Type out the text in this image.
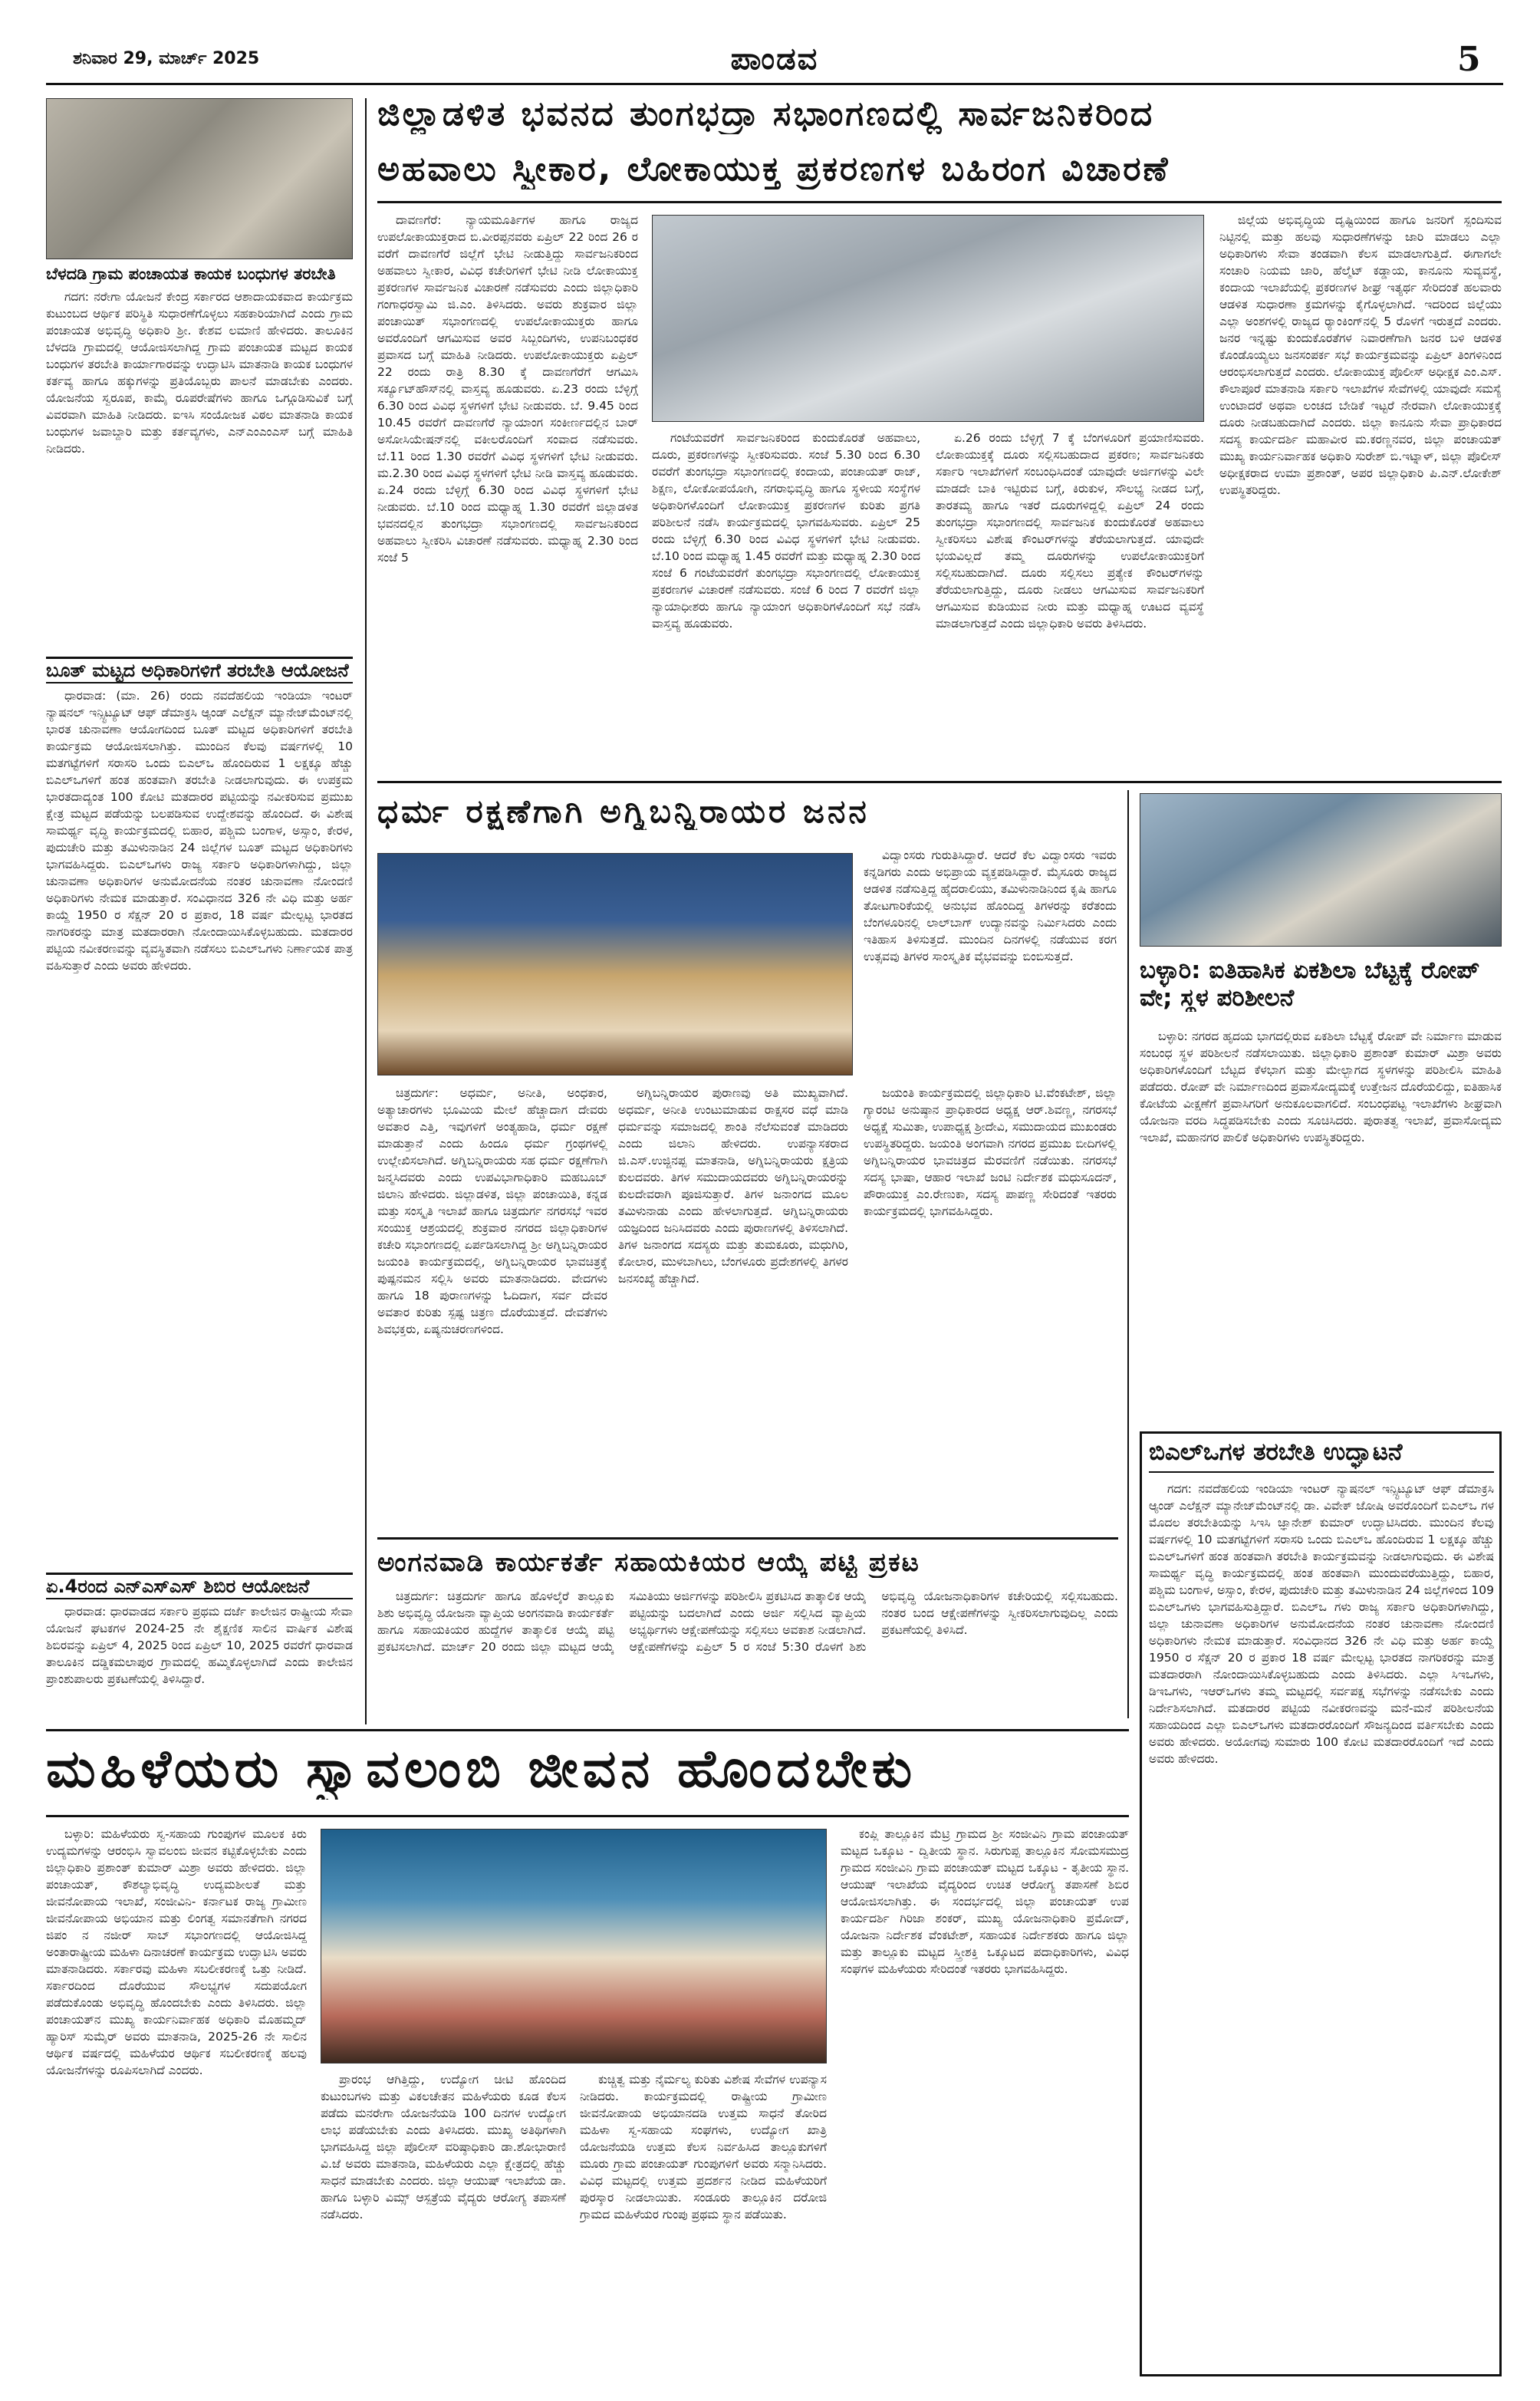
ಶನಿವಾರ 29, ಮಾರ್ಚ್ 2025	ಪಾಂಡವ	5
ಬೆಳದಡಿ ಗ್ರಾಮ ಪಂಚಾಯತ ಕಾಯಕ ಬಂಧುಗಳ ತರಬೇತಿ

ಗದಗ: ನರೇಗಾ ಯೋಜನೆ ಕೇಂದ್ರ ಸರ್ಕಾರದ ಆಶಾದಾಯಕವಾದ ಕಾರ್ಯಕ್ರಮ ಕುಟುಂಬದ ಆರ್ಥಿಕ ಪರಿಸ್ಥಿತಿ ಸುಧಾರಣೆಗೊಳ್ಳಲು ಸಹಕಾರಿಯಾಗಿದೆ ಎಂದು ಗ್ರಾಮ ಪಂಚಾಯತ ಅಭಿವೃದ್ಧಿ ಅಧಿಕಾರಿ ಶ್ರೀ. ಕೇಶವ ಲಮಾಣಿ ಹೇಳಿದರು. ತಾಲೂಕಿನ ಬೆಳದಡಿ ಗ್ರಾಮದಲ್ಲಿ ಆಯೋಜಿಸಲಾಗಿದ್ದ ಗ್ರಾಮ ಪಂಚಾಯತ ಮಟ್ಟದ ಕಾಯಕ ಬಂಧುಗಳ ತರಬೇತಿ ಕಾರ್ಯಾಗಾರವನ್ನು ಉದ್ಘಾಟಿಸಿ ಮಾತನಾಡಿ ಕಾಯಕ ಬಂಧುಗಳ ಕರ್ತವ್ಯ ಹಾಗೂ ಹಕ್ಕುಗಳನ್ನು ಪ್ರತಿಯೊಬ್ಬರು ಪಾಲನೆ ಮಾಡಬೇಕು ಎಂದರು. ಯೋಜನೆಯ ಸ್ವರೂಪ, ಕಾಮೈ ರೂಪರೇಷೆಗಳು ಹಾಗೂ ಒಗ್ಗೂಡಿಸುವಿಕೆ ಬಗ್ಗೆ ವಿವರವಾಗಿ ಮಾಹಿತಿ ನೀಡಿದರು. ಐಇಸಿ ಸಂಯೋಜಕ ವಿಠಲ ಮಾತನಾಡಿ ಕಾಯಕ ಬಂಧುಗಳ ಜವಾಬ್ದಾರಿ ಮತ್ತು ಕರ್ತವ್ಯಗಳು, ಎನ್‌ಎಂಎಂಎಸ್ ಬಗ್ಗೆ ಮಾಹಿತಿ ನೀಡಿದರು.

ಬೂತ್ ಮಟ್ಟದ ಅಧಿಕಾರಿಗಳಿಗೆ ತರಬೇತಿ ಆಯೋಜನೆ

ಧಾರವಾಡ: (ಮಾ. 26) ರಂದು ನವದೆಹಲಿಯ ಇಂಡಿಯಾ ಇಂಟರ್ ನ್ಯಾಷನಲ್ ಇನ್ಸ್ಟಿಟ್ಯೂಟ್ ಆಫ್ ಡೆಮಾಕ್ರಸಿ ಆ್ಯಂಡ್ ಎಲೆಕ್ಷನ್ ಮ್ಯಾನೇಜ್‌ಮೆಂಟ್‌ನಲ್ಲಿ ಭಾರತ ಚುನಾವಣಾ ಆಯೋಗದಿಂದ ಬೂತ್ ಮಟ್ಟದ ಅಧಿಕಾರಿಗಳಿಗೆ ತರಬೇತಿ ಕಾರ್ಯಕ್ರಮ ಆಯೋಜಿಸಲಾಗಿತ್ತು. ಮುಂದಿನ ಕೆಲವು ವರ್ಷಗಳಲ್ಲಿ 10 ಮತಗಟ್ಟೆಗಳಿಗೆ ಸರಾಸರಿ ಒಂದು ಬಿಎಲ್‌ಒ ಹೊಂದಿರುವ 1 ಲಕ್ಷಕ್ಕೂ ಹೆಚ್ಚು ಬಿಎಲ್‌ಒಗಳಿಗೆ ಹಂತ ಹಂತವಾಗಿ ತರಬೇತಿ ನೀಡಲಾಗುವುದು. ಈ ಉಪಕ್ರಮ ಭಾರತದಾದ್ಯಂತ 100 ಕೋಟಿ ಮತದಾರರ ಪಟ್ಟಿಯನ್ನು ನವೀಕರಿಸುವ ಪ್ರಮುಖ ಕ್ಷೇತ್ರ ಮಟ್ಟದ ಪಡೆಯನ್ನು ಬಲಪಡಿಸುವ ಉದ್ದೇಶವನ್ನು ಹೊಂದಿದೆ. ಈ ವಿಶೇಷ ಸಾಮರ್ಥ್ಯ ವೃದ್ಧಿ ಕಾರ್ಯಕ್ರಮದಲ್ಲಿ ಬಿಹಾರ, ಪಶ್ಚಿಮ ಬಂಗಾಳ, ಅಸ್ಸಾಂ, ಕೇರಳ, ಪುದುಚೇರಿ ಮತ್ತು ತಮಿಳುನಾಡಿನ 24 ಜಿಲ್ಲೆಗಳ ಬೂತ್ ಮಟ್ಟದ ಅಧಿಕಾರಿಗಳು ಭಾಗವಹಿಸಿದ್ದರು. ಬಿಎಲ್‌ಒಗಳು ರಾಜ್ಯ ಸರ್ಕಾರಿ ಅಧಿಕಾರಿಗಳಾಗಿದ್ದು, ಜಿಲ್ಲಾ ಚುನಾವಣಾ ಅಧಿಕಾರಿಗಳ ಅನುಮೋದನೆಯ ನಂತರ ಚುನಾವಣಾ ನೋಂದಣಿ ಅಧಿಕಾರಿಗಳು ನೇಮಕ ಮಾಡುತ್ತಾರೆ. ಸಂವಿಧಾನದ 326 ನೇ ವಿಧಿ ಮತ್ತು ಅರ್ಹ ಕಾಯ್ದೆ 1950 ರ ಸೆಕ್ಷನ್ 20 ರ ಪ್ರಕಾರ, 18 ವರ್ಷ ಮೇಲ್ಪಟ್ಟ ಭಾರತದ ನಾಗರಿಕರನ್ನು ಮಾತ್ರ ಮತದಾರರಾಗಿ ನೋಂದಾಯಿಸಿಕೊಳ್ಳಬಹುದು. ಮತದಾರರ ಪಟ್ಟಿಯ ನವೀಕರಣವನ್ನು ವ್ಯವಸ್ಥಿತವಾಗಿ ನಡೆಸಲು ಬಿಎಲ್‌ಒಗಳು ನಿರ್ಣಾಯಕ ಪಾತ್ರ ವಹಿಸುತ್ತಾರೆ ಎಂದು ಅವರು ಹೇಳಿದರು.

ಏ.4ರಂದ ಎನ್‌ಎಸ್‌ಎಸ್ ಶಿಬಿರ ಆಯೋಜನೆ

ಧಾರವಾಡ: ಧಾರವಾಡದ ಸರ್ಕಾರಿ ಪ್ರಥಮ ದರ್ಜೆ ಕಾಲೇಜಿನ ರಾಷ್ಟ್ರೀಯ ಸೇವಾ ಯೋಜನೆ ಘಟಕಗಳ 2024-25 ನೇ ಶೈಕ್ಷಣಿಕ ಸಾಲಿನ ವಾರ್ಷಿಕ ವಿಶೇಷ ಶಿಬಿರವನ್ನು ಏಪ್ರಿಲ್ 4, 2025 ರಿಂದ ಏಪ್ರಿಲ್ 10, 2025 ರವರೆಗೆ ಧಾರವಾಡ ತಾಲೂಕಿನ ದಡ್ಡಿಕಮಲಾಪುರ ಗ್ರಾಮದಲ್ಲಿ ಹಮ್ಮಿಕೊಳ್ಳಲಾಗಿದೆ ಎಂದು ಕಾಲೇಜಿನ ಪ್ರಾಂಶುಪಾಲರು ಪ್ರಕಟಣೆಯಲ್ಲಿ ತಿಳಿಸಿದ್ದಾರೆ.

ಜಿಲ್ಲಾಡಳಿತ ಭವನದ ತುಂಗಭದ್ರಾ ಸಭಾಂಗಣದಲ್ಲಿ ಸಾರ್ವಜನಿಕರಿಂದ
ಅಹವಾಲು ಸ್ವೀಕಾರ, ಲೋಕಾಯುಕ್ತ ಪ್ರಕರಣಗಳ ಬಹಿರಂಗ ವಿಚಾರಣೆ

ದಾವಣಗೆರೆ: ನ್ಯಾಯಮೂರ್ತಿಗಳ ಹಾಗೂ ರಾಜ್ಯದ ಉಪಲೋಕಾಯುಕ್ತರಾದ ಬಿ.ವೀರಪ್ಪನವರು ಏಪ್ರಿಲ್ 22 ರಿಂದ 26 ರ ವರೆಗೆ ದಾವಣಗೆರೆ ಜಿಲ್ಲೆಗೆ ಭೇಟಿ ನೀಡುತ್ತಿದ್ದು ಸಾರ್ವಜನಿಕರಿಂದ ಅಹವಾಲು ಸ್ವೀಕಾರ, ವಿವಿಧ ಕಚೇರಿಗಳಿಗೆ ಭೇಟಿ ನೀಡಿ ಲೋಕಾಯುಕ್ತ ಪ್ರಕರಣಗಳ ಸಾರ್ವಜನಿಕ ವಿಚಾರಣೆ ನಡೆಸುವರು ಎಂದು ಜಿಲ್ಲಾಧಿಕಾರಿ ಗಂಗಾಧರಸ್ವಾಮಿ ಜಿ.ಎಂ. ತಿಳಿಸಿದರು. ಅವರು ಶುಕ್ರವಾರ ಜಿಲ್ಲಾ ಪಂಚಾಯಿತ್ ಸಭಾಂಗಣದಲ್ಲಿ ಉಪಲೋಕಾಯುಕ್ತರು ಹಾಗೂ ಅವರೊಂದಿಗೆ ಆಗಮಿಸುವ ಅವರ ಸಿಬ್ಬಂದಿಗಳು, ಉಪನಿಬಂಧಕರ ಪ್ರವಾಸದ ಬಗ್ಗೆ ಮಾಹಿತಿ ನೀಡಿದರು. ಉಪಲೋಕಾಯುಕ್ತರು ಏಪ್ರಿಲ್ 22 ರಂದು ರಾತ್ರಿ 8.30 ಕ್ಕೆ ದಾವಣಗೆರೆಗೆ ಆಗಮಿಸಿ ಸರ್ಕ್ಯೂಟ್‌ಹೌಸ್‌ನಲ್ಲಿ ವಾಸ್ತವ್ಯ ಹೂಡುವರು. ಏ.23 ರಂದು ಬೆಳ್ಳಿಗ್ಗೆ 6.30 ರಿಂದ ವಿವಿಧ ಸ್ಥಳಗಳಿಗೆ ಭೇಟಿ ನೀಡುವರು. ಬೆ. 9.45 ರಿಂದ 10.45 ರವರೆಗೆ ದಾವಣಗೆರೆ ನ್ಯಾಯಾಂಗ ಸಂಕೀರ್ಣದಲ್ಲಿನ ಬಾರ್ ಅಸೋಸಿಯೇಷನ್‌ನಲ್ಲಿ ವಕೀಲರೊಂದಿಗೆ ಸಂವಾದ ನಡೆಸುವರು. ಬೆ.11 ರಿಂದ 1.30 ರವರೆಗೆ ವಿವಿಧ ಸ್ಥಳಗಳಿಗೆ ಭೇಟಿ ನೀಡುವರು. ಮ.2.30 ರಿಂದ ವಿವಿಧ ಸ್ಥಳಗಳಿಗೆ ಭೇಟಿ ನೀಡಿ ವಾಸ್ತವ್ಯ ಹೂಡುವರು. ಏ.24 ರಂದು ಬೆಳ್ಳಿಗ್ಗೆ 6.30 ರಿಂದ ವಿವಿಧ ಸ್ಥಳಗಳಿಗೆ ಭೇಟಿ ನೀಡುವರು. ಬೆ.10 ರಿಂದ ಮಧ್ಯಾಹ್ನ 1.30 ರವರೆಗೆ ಜಿಲ್ಲಾಡಳಿತ ಭವನದಲ್ಲಿನ ತುಂಗಭದ್ರಾ ಸಭಾಂಗಣದಲ್ಲಿ ಸಾರ್ವಜನಿಕರಿಂದ ಅಹವಾಲು ಸ್ವೀಕರಿಸಿ ವಿಚಾರಣೆ ನಡೆಸುವರು. ಮಧ್ಯಾಹ್ನ 2.30 ರಿಂದ ಸಂಜೆ 5

ಗಂಟೆಯವರೆಗೆ ಸಾರ್ವಜನಿಕರಿಂದ ಕುಂದುಕೊರತೆ ಅಹವಾಲು, ದೂರು, ಪ್ರಕರಣಗಳನ್ನು ಸ್ವೀಕರಿಸುವರು. ಸಂಜೆ 5.30 ರಿಂದ 6.30 ರವರೆಗೆ ತುಂಗಭದ್ರಾ ಸಭಾಂಗಣದಲ್ಲಿ ಕಂದಾಯ, ಪಂಚಾಯತ್ ರಾಜ್, ಶಿಕ್ಷಣ, ಲೋಕೋಪಯೋಗಿ, ನಗರಾಭಿವೃದ್ಧಿ ಹಾಗೂ ಸ್ಥಳೀಯ ಸಂಸ್ಥೆಗಳ ಅಧಿಕಾರಿಗಳೊಂದಿಗೆ ಲೋಕಾಯುಕ್ತ ಪ್ರಕರಣಗಳ ಕುರಿತು ಪ್ರಗತಿ ಪರಿಶೀಲನೆ ನಡೆಸಿ ಕಾರ್ಯಕ್ರಮದಲ್ಲಿ ಭಾಗವಹಿಸುವರು. ಏಪ್ರಿಲ್ 25 ರಂದು ಬೆಳ್ಳಿಗ್ಗೆ 6.30 ರಿಂದ ವಿವಿಧ ಸ್ಥಳಗಳಿಗೆ ಭೇಟಿ ನೀಡುವರು. ಬೆ.10 ರಿಂದ ಮಧ್ಯಾಹ್ನ 1.45 ರವರೆಗೆ ಮತ್ತು ಮಧ್ಯಾಹ್ನ 2.30 ರಿಂದ ಸಂಜೆ 6 ಗಂಟೆಯವರೆಗೆ ತುಂಗಭದ್ರಾ ಸಭಾಂಗಣದಲ್ಲಿ ಲೋಕಾಯುಕ್ತ ಪ್ರಕರಣಗಳ ವಿಚಾರಣೆ ನಡೆಸುವರು. ಸಂಜೆ 6 ರಿಂದ 7 ರವರೆಗೆ ಜಿಲ್ಲಾ ನ್ಯಾಯಾಧೀಶರು ಹಾಗೂ ನ್ಯಾಯಾಂಗ ಅಧಿಕಾರಿಗಳೊಂದಿಗೆ ಸಭೆ ನಡೆಸಿ ವಾಸ್ತವ್ಯ ಹೂಡುವರು.

ಏ.26 ರಂದು ಬೆಳ್ಳಿಗ್ಗೆ 7 ಕ್ಕೆ ಬೆಂಗಳೂರಿಗೆ ಪ್ರಯಾಣಿಸುವರು. ಲೋಕಾಯುಕ್ತಕ್ಕೆ ದೂರು ಸಲ್ಲಿಸಬಹುದಾದ ಪ್ರಕರಣ; ಸಾರ್ವಜನಿಕರು ಸರ್ಕಾರಿ ಇಲಾಖೆಗಳಿಗೆ ಸಂಬಂಧಿಸಿದಂತೆ ಯಾವುದೇ ಅರ್ಜಿಗಳನ್ನು ವಿಲೇ ಮಾಡದೇ ಬಾಕಿ ಇಟ್ಟಿರುವ ಬಗ್ಗೆ, ಕಿರುಕುಳ, ಸೌಲಭ್ಯ ನೀಡದ ಬಗ್ಗೆ, ತಾರತಮ್ಯ ಹಾಗೂ ಇತರೆ ದೂರುಗಳಿದ್ದಲ್ಲಿ ಏಪ್ರಿಲ್ 24 ರಂದು ತುಂಗಭದ್ರಾ ಸಭಾಂಗಣದಲ್ಲಿ ಸಾರ್ವಜನಿಕ ಕುಂದುಕೊರತೆ ಅಹವಾಲು ಸ್ವೀಕರಿಸಲು ವಿಶೇಷ ಕೌಂಟರ್‌ಗಳನ್ನು ತೆರೆಯಲಾಗುತ್ತದೆ. ಯಾವುದೇ ಭಯವಿಲ್ಲದೆ ತಮ್ಮ ದೂರುಗಳನ್ನು ಉಪಲೋಕಾಯುಕ್ತರಿಗೆ ಸಲ್ಲಿಸಬಹುದಾಗಿದೆ. ದೂರು ಸಲ್ಲಿಸಲು ಪ್ರತ್ಯೇಕ ಕೌಂಟರ್‌ಗಳನ್ನು ತೆರೆಯಲಾಗುತ್ತಿದ್ದು, ದೂರು ನೀಡಲು ಆಗಮಿಸುವ ಸಾರ್ವಜನಿಕರಿಗೆ ಆಗಮಿಸುವ ಕುಡಿಯುವ ನೀರು ಮತ್ತು ಮಧ್ಯಾಹ್ನ ಊಟದ ವ್ಯವಸ್ಥೆ ಮಾಡಲಾಗುತ್ತದೆ ಎಂದು ಜಿಲ್ಲಾಧಿಕಾರಿ ಅವರು ತಿಳಿಸಿದರು.

ಜಿಲ್ಲೆಯ ಅಭಿವೃದ್ಧಿಯ ದೃಷ್ಟಿಯಿಂದ ಹಾಗೂ ಜನರಿಗೆ ಸ್ಪಂದಿಸುವ ನಿಟ್ಟಿನಲ್ಲಿ ಮತ್ತು ಹಲವು ಸುಧಾರಣೆಗಳನ್ನು ಜಾರಿ ಮಾಡಲು ಎಲ್ಲಾ ಅಧಿಕಾರಿಗಳು ಸೇವಾ ತಂಡವಾಗಿ ಕೆಲಸ ಮಾಡಲಾಗುತ್ತಿದೆ. ಈಗಾಗಲೇ ಸಂಚಾರಿ ನಿಯಮ ಜಾರಿ, ಹೆಲ್ಮೆಟ್ ಕಡ್ಡಾಯ, ಕಾನೂನು ಸುವ್ಯವಸ್ಥೆ, ಕಂದಾಯ ಇಲಾಖೆಯಲ್ಲಿ ಪ್ರಕರಣಗಳ ಶೀಘ್ರ ಇತ್ಯರ್ಥ ಸೇರಿದಂತೆ ಹಲವಾರು ಆಡಳಿತ ಸುಧಾರಣಾ ಕ್ರಮಗಳನ್ನು ಕೈಗೊಳ್ಳಲಾಗಿದೆ. ಇದರಿಂದ ಜಿಲ್ಲೆಯು ಎಲ್ಲಾ ಅಂಶಗಳಲ್ಲಿ ರಾಜ್ಯದ ರ್‍ಯಾಂಕಿಂಗ್‌ನಲ್ಲಿ 5 ರೊಳಗೆ ಇರುತ್ತದೆ ಎಂದರು. ಜನರ ಇನ್ನಷ್ಟು ಕುಂದುಕೊರತೆಗಳ ನಿವಾರಣೆಗಾಗಿ ಜನರ ಬಳಿ ಆಡಳಿತ ಕೊಂಡೊಯ್ಯಲು ಜನಸಂಪರ್ಕ ಸಭೆ ಕಾರ್ಯಕ್ರಮವನ್ನು ಏಪ್ರಿಲ್ ತಿಂಗಳಿನಿಂದ ಆರಂಭಿಸಲಾಗುತ್ತದೆ ಎಂದರು. ಲೋಕಾಯುಕ್ತ ಪೊಲೀಸ್ ಅಧೀಕ್ಷಕ ಎಂ.ಎಸ್. ಕೌಲಾಪೂರೆ ಮಾತನಾಡಿ ಸರ್ಕಾರಿ ಇಲಾಖೆಗಳ ಸೇವೆಗಳಲ್ಲಿ ಯಾವುದೇ ಸಮಸ್ಯೆ ಉಂಟಾದರೆ ಅಥವಾ ಲಂಚದ ಬೇಡಿಕೆ ಇಟ್ಟರೆ ನೇರವಾಗಿ ಲೋಕಾಯುಕ್ತಕ್ಕೆ ದೂರು ನೀಡಬಹುದಾಗಿದೆ ಎಂದರು. ಜಿಲ್ಲಾ ಕಾನೂನು ಸೇವಾ ಪ್ರಾಧಿಕಾರದ ಸದಸ್ಯ ಕಾರ್ಯದರ್ಶಿ ಮಹಾವೀರ ಮ.ಕರಣ್ಣನವರ, ಜಿಲ್ಲಾ ಪಂಚಾಯತ್ ಮುಖ್ಯ ಕಾರ್ಯನಿರ್ವಾಹಕ ಅಧಿಕಾರಿ ಸುರೇಶ್ ಬಿ.ಇಟ್ನಾಳ್, ಜಿಲ್ಲಾ ಪೊಲೀಸ್ ಅಧೀಕ್ಷಕರಾದ ಉಮಾ ಪ್ರಶಾಂತ್, ಅಪರ ಜಿಲ್ಲಾಧಿಕಾರಿ ಪಿ.ಎನ್.ಲೋಕೇಶ್ ಉಪಸ್ಥಿತರಿದ್ದರು.

ಧರ್ಮ ರಕ್ಷಣೆಗಾಗಿ ಅಗ್ನಿಬನ್ನಿರಾಯರ ಜನನ

ವಿದ್ವಾಂಸರು ಗುರುತಿಸಿದ್ದಾರೆ. ಆದರೆ ಕೆಲ ವಿದ್ವಾಂಸರು ಇವರು ಕನ್ನಡಿಗರು ಎಂದು ಅಭಿಪ್ರಾಯ ವ್ಯಕ್ತಪಡಿಸಿದ್ದಾರೆ. ಮೈಸೂರು ರಾಜ್ಯದ ಆಡಳಿತ ನಡೆಸುತ್ತಿದ್ದ ಹೈದರಾಲಿಯು, ತಮಿಳುನಾಡಿನಿಂದ ಕೃಷಿ ಹಾಗೂ ತೋಟಗಾರಿಕೆಯಲ್ಲಿ ಅನುಭವ ಹೊಂದಿದ್ದ ತಿಗಳರನ್ನು ಕರೆತಂದು ಬೆಂಗಳೂರಿನಲ್ಲಿ ಲಾಲ್‌ಬಾಗ್ ಉದ್ಯಾನವನ್ನು ನಿರ್ಮಿಸಿದರು ಎಂದು ಇತಿಹಾಸ ತಿಳಿಸುತ್ತದೆ. ಮುಂದಿನ ದಿನಗಳಲ್ಲಿ ನಡೆಯುವ ಕರಗ ಉತ್ಸವವು ತಿಗಳರ ಸಾಂಸ್ಕೃತಿಕ ವೈಭವವನ್ನು ಬಿಂಬಿಸುತ್ತದೆ.

ಚಿತ್ರದುರ್ಗ: ಅಧರ್ಮ, ಅನೀತಿ, ಅಂಧಕಾರ, ಅತ್ಯಾಚಾರಗಳು ಭೂಮಿಯ ಮೇಲೆ ಹೆಚ್ಚಾದಾಗ ದೇವರು ಅವತಾರ ಎತ್ತಿ, ಇವುಗಳಿಗೆ ಅಂತ್ಯಹಾಡಿ, ಧರ್ಮ ರಕ್ಷಣೆ ಮಾಡುತ್ತಾನೆ ಎಂದು ಹಿಂದೂ ಧರ್ಮ ಗ್ರಂಥಗಳಲ್ಲಿ ಉಲ್ಲೇಖಿಸಲಾಗಿದೆ. ಅಗ್ನಿಬನ್ನಿರಾಯರು ಸಹ ಧರ್ಮ ರಕ್ಷಣೆಗಾಗಿ ಜನ್ಮಸಿದವರು ಎಂದು ಉಪವಿಭಾಗಾಧಿಕಾರಿ ಮಹಬೂಬ್ ಜಿಲಾನಿ ಹೇಳಿದರು. ಜಿಲ್ಲಾಡಳಿತ, ಜಿಲ್ಲಾ ಪಂಚಾಯಿತಿ, ಕನ್ನಡ ಮತ್ತು ಸಂಸ್ಕೃತಿ ಇಲಾಖೆ ಹಾಗೂ ಚಿತ್ರದುರ್ಗ ನಗರಸಭೆ ಇವರ ಸಂಯುಕ್ತ ಆಶ್ರಯದಲ್ಲಿ ಶುಕ್ರವಾರ ನಗರದ ಜಿಲ್ಲಾಧಿಕಾರಿಗಳ ಕಚೇರಿ ಸಭಾಂಗಣದಲ್ಲಿ ಏರ್ಪಡಿಸಲಾಗಿದ್ದ ಶ್ರೀ ಅಗ್ನಿಬನ್ನಿರಾಯರ ಜಯಂತಿ ಕಾರ್ಯಕ್ರಮದಲ್ಲಿ, ಅಗ್ನಿಬನ್ನಿರಾಯರ ಭಾವಚಿತ್ರಕ್ಕೆ ಪುಷ್ಪನಮನ ಸಲ್ಲಿಸಿ ಅವರು ಮಾತನಾಡಿದರು. ವೇದಗಳು ಹಾಗೂ 18 ಪುರಾಣಗಳನ್ನು ಓದಿದಾಗ, ಸರ್ವ ದೇವರ ಅವತಾರ ಕುರಿತು ಸ್ಪಷ್ಟ ಚಿತ್ರಣ ದೊರೆಯುತ್ತದೆ. ದೇವತೆಗಳು ಶಿವಭಕ್ತರು, ಏಷ್ಯನುಚರಣಗಳಿಂದ.

ಅಗ್ನಿಬನ್ನಿರಾಯರ ಪುರಾಣವು ಅತಿ ಮುಖ್ಯವಾಗಿದೆ. ಅಧರ್ಮ, ಅನೀತಿ ಉಂಟುಮಾಡುವ ರಾಕ್ಷಸರ ವಧೆ ಮಾಡಿ ಧರ್ಮವನ್ನು ಸಮಾಜದಲ್ಲಿ ಶಾಂತಿ ನೆಲೆಸುವಂತೆ ಮಾಡಿದರು ಎಂದು ಜಿಲಾನಿ ಹೇಳಿದರು. ಉಪನ್ಯಾಸಕರಾದ ಜಿ.ಎಸ್.ಉಜ್ಜಿನಪ್ಪ ಮಾತನಾಡಿ, ಅಗ್ನಿಬನ್ನಿರಾಯರು ಕ್ಷತ್ರಿಯ ಕುಲದವರು. ತಿಗಳ ಸಮುದಾಯದವರು ಅಗ್ನಿಬನ್ನಿರಾಯರನ್ನು ಕುಲದೇವರಾಗಿ ಪೂಜಿಸುತ್ತಾರೆ. ತಿಗಳ ಜನಾಂಗದ ಮೂಲ ತಮಿಳುನಾಡು ಎಂದು ಹೇಳಲಾಗುತ್ತದೆ. ಅಗ್ನಿಬನ್ನಿರಾಯರು ಯಜ್ಞದಿಂದ ಜನಿಸಿದವರು ಎಂದು ಪುರಾಣಗಳಲ್ಲಿ ತಿಳಿಸಲಾಗಿದೆ. ತಿಗಳ ಜನಾಂಗದ ಸದಸ್ಯರು ಮತ್ತು ತುಮಕೂರು, ಮಧುಗಿರಿ, ಕೋಲಾರ, ಮುಳಬಾಗಿಲು, ಬೆಂಗಳೂರು ಪ್ರದೇಶಗಳಲ್ಲಿ ತಿಗಳರ ಜನಸಂಖ್ಯೆ ಹೆಚ್ಚಾಗಿದೆ.

ಜಯಂತಿ ಕಾರ್ಯಕ್ರಮದಲ್ಲಿ ಜಿಲ್ಲಾಧಿಕಾರಿ ಟಿ.ವೆಂಕಟೇಶ್, ಜಿಲ್ಲಾ ಗ್ಯಾರಂಟಿ ಅನುಷ್ಠಾನ ಪ್ರಾಧಿಕಾರದ ಅಧ್ಯಕ್ಷ ಆರ್.ಶಿವಣ್ಣ, ನಗರಸಭೆ ಅಧ್ಯಕ್ಷೆ ಸುಮಿತಾ, ಉಪಾಧ್ಯಕ್ಷ ಶ್ರೀದೇವಿ, ಸಮುದಾಯದ ಮುಖಂಡರು ಉಪಸ್ಥಿತರಿದ್ದರು. ಜಯಂತಿ ಅಂಗವಾಗಿ ನಗರದ ಪ್ರಮುಖ ಬೀದಿಗಳಲ್ಲಿ ಅಗ್ನಿಬನ್ನಿರಾಯರ ಭಾವಚಿತ್ರದ ಮೆರವಣಿಗೆ ನಡೆಯಿತು. ನಗರಸಭೆ ಸದಸ್ಯ ಭಾಷಾ, ಆಹಾರ ಇಲಾಖೆ ಜಂಟಿ ನಿರ್ದೇಶಕ ಮಧುಸೂದನ್, ಪೌರಾಯುಕ್ತ ಎಂ.ರೇಣುಕಾ, ಸದಸ್ಯ ಪಾಪಣ್ಣ ಸೇರಿದಂತೆ ಇತರರು ಕಾರ್ಯಕ್ರಮದಲ್ಲಿ ಭಾಗವಹಿಸಿದ್ದರು.

ಅಂಗನವಾಡಿ ಕಾರ್ಯಕರ್ತೆ ಸಹಾಯಕಿಯರ ಆಯ್ಕೆ ಪಟ್ಟಿ ಪ್ರಕಟ

ಚಿತ್ರದುರ್ಗ: ಚಿತ್ರದುರ್ಗ ಹಾಗೂ ಹೊಳಲ್ಕೆರೆ ತಾಲ್ಲೂಕು ಶಿಶು ಅಭಿವೃದ್ಧಿ ಯೋಜನಾ ವ್ಯಾಪ್ತಿಯ ಅಂಗನವಾಡಿ ಕಾರ್ಯಕರ್ತೆ ಹಾಗೂ ಸಹಾಯಕಿಯರ ಹುದ್ದೆಗಳ ತಾತ್ಕಾಲಿಕ ಆಯ್ಕೆ ಪಟ್ಟಿ ಪ್ರಕಟಿಸಲಾಗಿದೆ. ಮಾರ್ಚ್ 20 ರಂದು ಜಿಲ್ಲಾ ಮಟ್ಟದ ಆಯ್ಕೆ ಸಮಿತಿಯು ಅರ್ಜಿಗಳನ್ನು ಪರಿಶೀಲಿಸಿ ಪ್ರಕಟಿಸಿದ ತಾತ್ಕಾಲಿಕ ಆಯ್ಕೆ ಪಟ್ಟಿಯನ್ನು ಬದಲಾಗಿದೆ ಎಂದು ಅರ್ಜಿ ಸಲ್ಲಿಸಿದ ವ್ಯಾಪ್ತಿಯ ಅಭ್ಯರ್ಥಿಗಳು ಆಕ್ಷೇಪಣೆಯನ್ನು ಸಲ್ಲಿಸಲು ಅವಕಾಶ ನೀಡಲಾಗಿದೆ. ಆಕ್ಷೇಪಣೆಗಳನ್ನು ಏಪ್ರಿಲ್ 5 ರ ಸಂಜೆ 5:30 ರೊಳಗೆ ಶಿಶು ಅಭಿವೃದ್ಧಿ ಯೋಜನಾಧಿಕಾರಿಗಳ ಕಚೇರಿಯಲ್ಲಿ ಸಲ್ಲಿಸಬಹುದು. ನಂತರ ಬಂದ ಆಕ್ಷೇಪಣೆಗಳನ್ನು ಸ್ವೀಕರಿಸಲಾಗುವುದಿಲ್ಲ ಎಂದು ಪ್ರಕಟಣೆಯಲ್ಲಿ ತಿಳಿಸಿದೆ.

ಬಳ್ಳಾರಿ: ಐತಿಹಾಸಿಕ ಏಕಶಿಲಾ ಬೆಟ್ಟಕ್ಕೆ ರೋಪ್ ವೇ; ಸ್ಥಳ ಪರಿಶೀಲನೆ

ಬಳ್ಳಾರಿ: ನಗರದ ಹೃದಯ ಭಾಗದಲ್ಲಿರುವ ಏಕಶಿಲಾ ಬೆಟ್ಟಕ್ಕೆ ರೋಪ್ ವೇ ನಿರ್ಮಾಣ ಮಾಡುವ ಸಂಬಂಧ ಸ್ಥಳ ಪರಿಶೀಲನೆ ನಡೆಸಲಾಯಿತು. ಜಿಲ್ಲಾಧಿಕಾರಿ ಪ್ರಶಾಂತ್ ಕುಮಾರ್ ಮಿಶ್ರಾ ಅವರು ಅಧಿಕಾರಿಗಳೊಂದಿಗೆ ಬೆಟ್ಟದ ಕೆಳಭಾಗ ಮತ್ತು ಮೇಲ್ಭಾಗದ ಸ್ಥಳಗಳನ್ನು ಪರಿಶೀಲಿಸಿ ಮಾಹಿತಿ ಪಡೆದರು. ರೋಪ್ ವೇ ನಿರ್ಮಾಣದಿಂದ ಪ್ರವಾಸೋದ್ಯಮಕ್ಕೆ ಉತ್ತೇಜನ ದೊರೆಯಲಿದ್ದು, ಐತಿಹಾಸಿಕ ಕೋಟೆಯ ವೀಕ್ಷಣೆಗೆ ಪ್ರವಾಸಿಗರಿಗೆ ಅನುಕೂಲವಾಗಲಿದೆ. ಸಂಬಂಧಪಟ್ಟ ಇಲಾಖೆಗಳು ಶೀಘ್ರವಾಗಿ ಯೋಜನಾ ವರದಿ ಸಿದ್ಧಪಡಿಸಬೇಕು ಎಂದು ಸೂಚಿಸಿದರು. ಪುರಾತತ್ವ ಇಲಾಖೆ, ಪ್ರವಾಸೋದ್ಯಮ ಇಲಾಖೆ, ಮಹಾನಗರ ಪಾಲಿಕೆ ಅಧಿಕಾರಿಗಳು ಉಪಸ್ಥಿತರಿದ್ದರು.

ಬಿಎಲ್‌ಒಗಳ ತರಬೇತಿ ಉದ್ಘಾಟನೆ

ಗದಗ: ನವದೆಹಲಿಯ ಇಂಡಿಯಾ ಇಂಟರ್ ನ್ಯಾಷನಲ್ ಇನ್ಸ್ಟಿಟ್ಯೂಟ್ ಆಫ್ ಡೆಮಾಕ್ರಸಿ ಆ್ಯಂಡ್ ಎಲೆಕ್ಷನ್ ಮ್ಯಾನೇಜ್‌ಮೆಂಟ್‌ನಲ್ಲಿ ಡಾ. ವಿವೇಕ್ ಜೋಷಿ ಅವರೊಂದಿಗೆ ಬಿಎಲ್‌ಒ ಗಳ ಮೊದಲ ತರಬೇತಿಯನ್ನು ಸಿಇಸಿ ಜ್ಞಾನೇಶ್ ಕುಮಾರ್ ಉದ್ಘಾಟಿಸಿದರು. ಮುಂದಿನ ಕೆಲವು ವರ್ಷಗಳಲ್ಲಿ 10 ಮತಗಟ್ಟೆಗಳಿಗೆ ಸರಾಸರಿ ಒಂದು ಬಿಎಲ್‌ಒ ಹೊಂದಿರುವ 1 ಲಕ್ಷಕ್ಕೂ ಹೆಚ್ಚು ಬಿಎಲ್‌ಒಗಳಿಗೆ ಹಂತ ಹಂತವಾಗಿ ತರಬೇತಿ ಕಾರ್ಯಕ್ರಮವನ್ನು ನೀಡಲಾಗುವುದು. ಈ ವಿಶೇಷ ಸಾಮರ್ಥ್ಯ ವೃದ್ಧಿ ಕಾರ್ಯಕ್ರಮದಲ್ಲಿ ಹಂತ ಹಂತವಾಗಿ ಮುಂದುವರೆಯುತ್ತಿದ್ದು, ಬಿಹಾರ, ಪಶ್ಚಿಮ ಬಂಗಾಳ, ಅಸ್ಸಾಂ, ಕೇರಳ, ಪುದುಚೇರಿ ಮತ್ತು ತಮಿಳುನಾಡಿನ 24 ಜಿಲ್ಲೆಗಳಿಂದ 109 ಬಿಎಲ್‌ಒಗಳು ಭಾಗವಹಿಸುತ್ತಿದ್ದಾರೆ. ಬಿಎಲ್‌ಒ ಗಳು ರಾಜ್ಯ ಸರ್ಕಾರಿ ಅಧಿಕಾರಿಗಳಾಗಿದ್ದು, ಜಿಲ್ಲಾ ಚುನಾವಣಾ ಅಧಿಕಾರಿಗಳ ಅನುಮೋದನೆಯ ನಂತರ ಚುನಾವಣಾ ನೋಂದಣಿ ಅಧಿಕಾರಿಗಳು ನೇಮಕ ಮಾಡುತ್ತಾರೆ. ಸಂವಿಧಾನದ 326 ನೇ ವಿಧಿ ಮತ್ತು ಅರ್ಹ ಕಾಯ್ದೆ 1950 ರ ಸೆಕ್ಷನ್ 20 ರ ಪ್ರಕಾರ 18 ವರ್ಷ ಮೇಲ್ಪಟ್ಟ ಭಾರತದ ನಾಗರಿಕರನ್ನು ಮಾತ್ರ ಮತದಾರರಾಗಿ ನೋಂದಾಯಿಸಿಕೊಳ್ಳಬಹುದು ಎಂದು ತಿಳಿಸಿದರು. ಎಲ್ಲಾ ಸಿಇಒಗಳು, ಡಿಇಒಗಳು, ಇಆರ್‌ಒಗಳು ತಮ್ಮ ಮಟ್ಟದಲ್ಲಿ ಸರ್ವಪಕ್ಷ ಸಭೆಗಳನ್ನು ನಡೆಸಬೇಕು ಎಂದು ನಿರ್ದೇಶಿಸಲಾಗಿದೆ. ಮತದಾರರ ಪಟ್ಟಿಯ ನವೀಕರಣವನ್ನು ಮನೆ-ಮನೆ ಪರಿಶೀಲನೆಯ ಸಹಾಯದಿಂದ ಎಲ್ಲಾ ಬಿಎಲ್‌ಒಗಳು ಮತದಾರರೊಂದಿಗೆ ಸೌಜನ್ಯದಿಂದ ವರ್ತಿಸಬೇಕು ಎಂದು ಅವರು ಹೇಳಿದರು. ಅಯೋಗವು ಸುಮಾರು 100 ಕೋಟಿ ಮತದಾರರೊಂದಿಗೆ ಇದೆ ಎಂದು ಅವರು ಹೇಳಿದರು.

ಮಹಿಳೆಯರು ಸ್ವಾವಲಂಬಿ ಜೀವನ ಹೊಂದಬೇಕು

ಬಳ್ಳಾರಿ: ಮಹಿಳೆಯರು ಸ್ವ-ಸಹಾಯ ಗುಂಪುಗಳ ಮೂಲಕ ಕಿರು ಉದ್ಯಮಗಳನ್ನು ಆರಂಭಿಸಿ ಸ್ವಾವಲಂಬಿ ಜೀವನ ಕಟ್ಟಿಕೊಳ್ಳಬೇಕು ಎಂದು ಜಿಲ್ಲಾಧಿಕಾರಿ ಪ್ರಶಾಂತ್ ಕುಮಾರ್ ಮಿಶ್ರಾ ಅವರು ಹೇಳಿದರು. ಜಿಲ್ಲಾ ಪಂಚಾಯತ್, ಕೌಶಲ್ಯಾಭಿವೃದ್ಧಿ ಉದ್ಯಮಶೀಲತೆ ಮತ್ತು ಜೀವನೋಪಾಯ ಇಲಾಖೆ, ಸಂಜೀವಿನಿ- ಕರ್ನಾಟಕ ರಾಜ್ಯ ಗ್ರಾಮೀಣ ಜೀವನೋಪಾಯ ಅಭಿಯಾನ ಮತ್ತು ಲಿಂಗತ್ವ ಸಮಾನತೆಗಾಗಿ ನಗರದ ಜಿಪಂ ನ ನಜೀರ್ ಸಾಬ್ ಸಭಾಂಗಣದಲ್ಲಿ ಆಯೋಜಿಸಿದ್ದ ಅಂತಾರಾಷ್ಟ್ರೀಯ ಮಹಿಳಾ ದಿನಾಚರಣೆ ಕಾರ್ಯಕ್ರಮ ಉದ್ಘಾಟಿಸಿ ಅವರು ಮಾತನಾಡಿದರು. ಸರ್ಕಾರವು ಮಹಿಳಾ ಸಬಲೀಕರಣಕ್ಕೆ ಒತ್ತು ನೀಡಿದೆ. ಸರ್ಕಾರದಿಂದ ದೊರೆಯುವ ಸೌಲಭ್ಯಗಳ ಸದುಪಯೋಗ ಪಡೆದುಕೊಂಡು ಅಭಿವೃದ್ಧಿ ಹೊಂದಬೇಕು ಎಂದು ತಿಳಿಸಿದರು. ಜಿಲ್ಲಾ ಪಂಚಾಯತ್‌ನ ಮುಖ್ಯ ಕಾರ್ಯನಿರ್ವಾಹಕ ಅಧಿಕಾರಿ ಮೊಹಮ್ಮದ್ ಹ್ಯಾರಿಸ್ ಸುಮೈರ್ ಅವರು ಮಾತನಾಡಿ, 2025-26 ನೇ ಸಾಲಿನ ಆರ್ಥಿಕ ವರ್ಷದಲ್ಲಿ ಮಹಿಳೆಯರ ಆರ್ಥಿಕ ಸಬಲೀಕರಣಕ್ಕೆ ಹಲವು ಯೋಜನೆಗಳನ್ನು ರೂಪಿಸಲಾಗಿದೆ ಎಂದರು.

ಪ್ರಾರಂಭ ಆಗಿತ್ತಿದ್ದು, ಉದ್ಯೋಗ ಚೀಟಿ ಹೊಂದಿದ ಕುಟುಂಬಗಳು ಮತ್ತು ವಿಕಲಚೇತನ ಮಹಿಳೆಯರು ಕೂಡ ಕೆಲಸ ಪಡೆದು ಮನರೇಗಾ ಯೋಜನೆಯಡಿ 100 ದಿನಗಳ ಉದ್ಯೋಗ ಲಾಭ ಪಡೆಯಬೇಕು ಎಂದು ತಿಳಿಸಿದರು. ಮುಖ್ಯ ಅತಿಥಿಗಳಾಗಿ ಭಾಗವಹಿಸಿದ್ದ ಜಿಲ್ಲಾ ಪೊಲೀಸ್ ವರಿಷ್ಠಾಧಿಕಾರಿ ಡಾ.ಶೋಭಾರಾಣಿ ವಿ.ಜೆ ಅವರು ಮಾತನಾಡಿ, ಮಹಿಳೆಯರು ಎಲ್ಲಾ ಕ್ಷೇತ್ರದಲ್ಲಿ ಹೆಚ್ಚು ಸಾಧನೆ ಮಾಡಬೇಕು ಎಂದರು. ಜಿಲ್ಲಾ ಆಯುಷ್ ಇಲಾಖೆಯ ಡಾ. ಹಾಗೂ ಬಳ್ಳಾರಿ ವಿಮ್ಸ್ ಆಸ್ಪತ್ರೆಯ ವೈದ್ಯರು ಆರೋಗ್ಯ ತಪಾಸಣೆ ನಡೆಸಿದರು.

ಕುಚ್ಚಿತ್ವ ಮತ್ತು ನೈರ್ಮಲ್ಯ ಕುರಿತು ವಿಶೇಷ ಸೇವೆಗಳ ಉಪನ್ಯಾಸ ನೀಡಿದರು. ಕಾರ್ಯಕ್ರಮದಲ್ಲಿ ರಾಷ್ಟ್ರೀಯ ಗ್ರಾಮೀಣ ಜೀವನೋಪಾಯ ಅಭಿಯಾನದಡಿ ಉತ್ತಮ ಸಾಧನೆ ತೋರಿದ ಮಹಿಳಾ ಸ್ವ-ಸಹಾಯ ಸಂಘಗಳು, ಉದ್ಯೋಗ ಖಾತ್ರಿ ಯೋಜನೆಯಡಿ ಉತ್ತಮ ಕೆಲಸ ನಿರ್ವಹಿಸಿದ ತಾಲ್ಲೂಕುಗಳಿಗೆ ಮೂರು ಗ್ರಾಮ ಪಂಚಾಯತ್ ಗುಂಪುಗಳಿಗೆ ಅವರು ಸನ್ಮಾನಿಸಿದರು. ವಿವಿಧ ಮಟ್ಟದಲ್ಲಿ ಉತ್ತಮ ಪ್ರದರ್ಶನ ನೀಡಿದ ಮಹಿಳೆಯರಿಗೆ ಪುರಸ್ಕಾರ ನೀಡಲಾಯಿತು. ಸಂಡೂರು ತಾಲ್ಲೂಕಿನ ದರೋಜಿ ಗ್ರಾಮದ ಮಹಿಳೆಯರ ಗುಂಪು ಪ್ರಥಮ ಸ್ಥಾನ ಪಡೆಯಿತು.

ಕಂಪ್ಲಿ ತಾಲ್ಲೂಕಿನ ಮೆಟ್ರಿ ಗ್ರಾಮದ ಶ್ರೀ ಸಂಜೀವಿನಿ ಗ್ರಾಮ ಪಂಚಾಯತ್ ಮಟ್ಟದ ಒಕ್ಕೂಟ - ದ್ವಿತೀಯ ಸ್ಥಾನ. ಸಿರುಗುಪ್ಪ ತಾಲ್ಲೂಕಿನ ಸೋಮಸಮುದ್ರ ಗ್ರಾಮದ ಸಂಜೀವಿನಿ ಗ್ರಾಮ ಪಂಚಾಯತ್ ಮಟ್ಟದ ಒಕ್ಕೂಟ - ತೃತೀಯ ಸ್ಥಾನ. ಆಯುಷ್ ಇಲಾಖೆಯ ವೈದ್ಯರಿಂದ ಉಚಿತ ಆರೋಗ್ಯ ತಪಾಸಣೆ ಶಿಬಿರ ಆಯೋಜಿಸಲಾಗಿತ್ತು. ಈ ಸಂದರ್ಭದಲ್ಲಿ ಜಿಲ್ಲಾ ಪಂಚಾಯತ್ ಉಪ ಕಾರ್ಯದರ್ಶಿ ಗಿರಿಜಾ ಶಂಕರ್, ಮುಖ್ಯ ಯೋಜನಾಧಿಕಾರಿ ಪ್ರಮೋದ್, ಯೋಜನಾ ನಿರ್ದೇಶಕ ವೆಂಕಟೇಶ್, ಸಹಾಯಕ ನಿರ್ದೇಶಕರು ಹಾಗೂ ಜಿಲ್ಲಾ ಮತ್ತು ತಾಲ್ಲೂಕು ಮಟ್ಟದ ಸ್ತ್ರೀಶಕ್ತಿ ಒಕ್ಕೂಟದ ಪದಾಧಿಕಾರಿಗಳು, ವಿವಿಧ ಸಂಘಗಳ ಮಹಿಳೆಯರು ಸೇರಿದಂತೆ ಇತರರು ಭಾಗವಹಿಸಿದ್ದರು.
